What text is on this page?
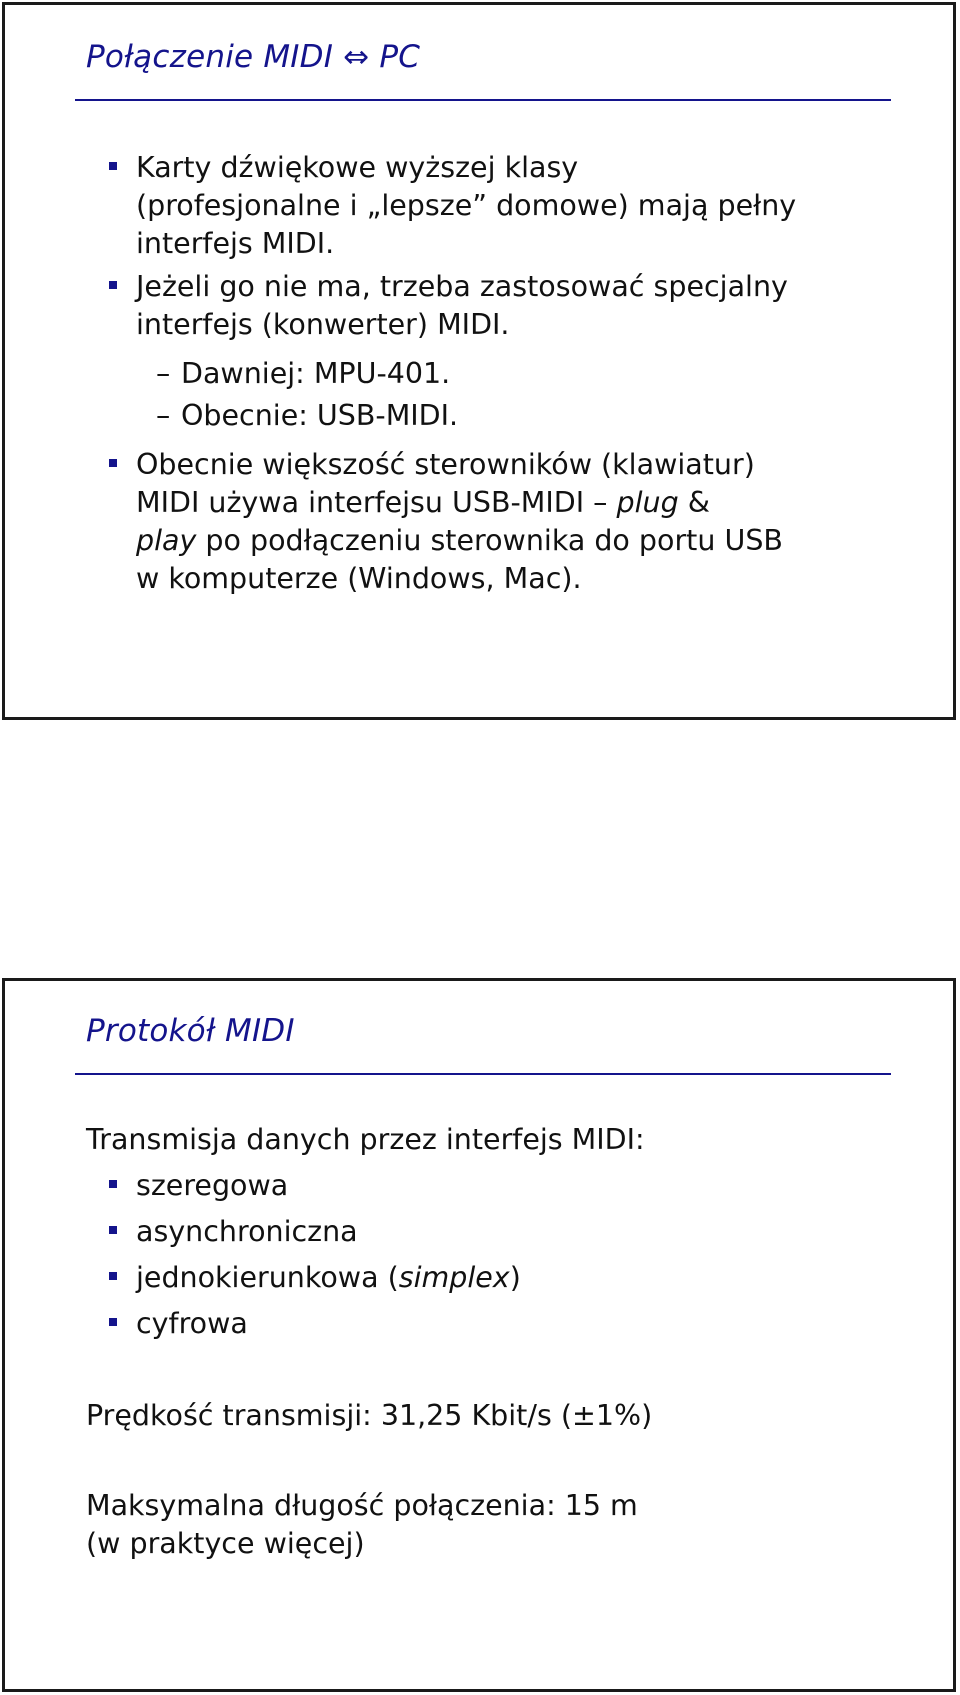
Połączenie MIDI ⇔ PC
Karty dźwiękowe wyższej klasy
(profesjonalne i „lepsze” domowe) mają pełny
interfejs MIDI.
Jeżeli go nie ma, trzeba zastosować specjalny
interfejs (konwerter) MIDI.
– Dawniej: MPU-401.
– Obecnie: USB-MIDI.
Obecnie większość sterowników (klawiatur)
MIDI używa interfejsu USB-MIDI – plug &
play po podłączeniu sterownika do portu USB
w komputerze (Windows, Mac).
Protokół MIDI
Transmisja danych przez interfejs MIDI:
szeregowa
asynchroniczna
jednokierunkowa (simplex)
cyfrowa
Prędkość transmisji: 31,25 Kbit/s (±1%)
Maksymalna długość połączenia: 15 m
(w praktyce więcej)
